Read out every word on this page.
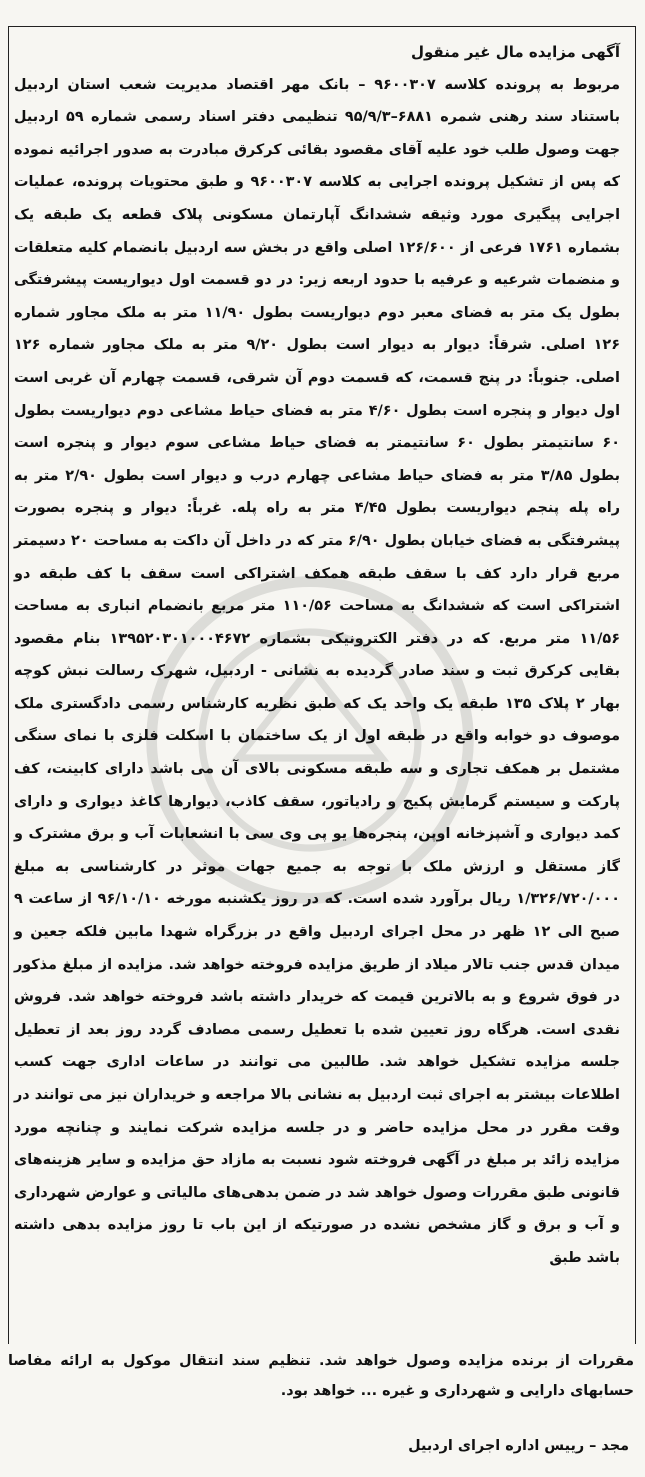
آگهی مزایده مال غیر منقول
مربوط به پرونده کلاسه ۹۶۰۰۳۰۷ – بانک مهر اقتصاد مدیریت شعب استان اردبیل باستناد سند رهنی شمره ۶۸۸۱–۹۵/۹/۳ تنظیمی دفتر اسناد رسمی شماره ۵۹ اردبیل جهت وصول طلب خود علیه آقای مقصود بقائی کرکرق مبادرت به صدور اجرائیه نموده که پس از تشکیل پرونده اجرایی به کلاسه ۹۶۰۰۳۰۷ و طبق محتویات پرونده، عملیات اجرایی پیگیری مورد وثیقه ششدانگ آپارتمان مسکونی پلاک قطعه یک طبقه یک بشماره ۱۷۶۱ فرعی از ۱۲۶/۶۰۰ اصلی واقع در بخش سه اردبیل بانضمام کلیه متعلقات و منضمات شرعیه و عرفیه با حدود اربعه زیر: در دو قسمت اول دیواریست پیشرفتگی بطول یک متر به فضای معبر دوم دیواریست بطول ۱۱/۹۰ متر به ملک مجاور شماره ۱۲۶ اصلی. شرقاً: دیوار به دیوار است بطول ۹/۲۰ متر به ملک مجاور شماره ۱۲۶ اصلی. جنوباً: در پنج قسمت، که قسمت دوم آن شرقی، قسمت چهارم آن غربی است اول دیوار و پنجره است بطول ۴/۶۰ متر به فضای حیاط مشاعی دوم دیواریست بطول ۶۰ سانتیمتر بطول ۶۰ سانتیمتر به فضای حیاط مشاعی سوم دیوار و پنجره است بطول ۳/۸۵ متر به فضای حیاط مشاعی چهارم درب و دیوار است بطول ۲/۹۰ متر به راه پله پنجم دیواریست بطول ۴/۴۵ متر به راه پله. غرباً: دیوار و پنجره بصورت پیشرفتگی به فضای خیابان بطول ۶/۹۰ متر که در داخل آن داکت به مساحت ۲۰ دسیمتر مربع قرار دارد کف با سقف طبقه همکف اشتراکی است سقف با کف طبقه دو اشتراکی است که ششدانگ به مساحت ۱۱۰/۵۶ متر مربع بانضمام انباری به مساحت ۱۱/۵۶ متر مربع. که در دفتر الکترونیکی بشماره ۱۳۹۵۲۰۳۰۱۰۰۰۴۶۷۲ بنام مقصود بقایی کرکرق ثبت و سند صادر گردیده به نشانی - اردبیل، شهرک رسالت نبش کوچه بهار ۲ پلاک ۱۳۵ طبقه یک واحد یک که طبق نظریه کارشناس رسمی دادگستری ملک موصوف دو خوابه واقع در طبقه اول از یک ساختمان با اسکلت فلزی با نمای سنگی مشتمل بر همکف تجاری و سه طبقه مسکونی بالای آن می باشد دارای کابینت، کف پارکت و سیستم گرمایش پکیج و رادیاتور، سقف کاذب، دیوارها کاغذ دیواری و دارای کمد دیواری و آشپزخانه اوپن، پنجره‌ها یو پی وی سی با انشعابات آب و برق مشترک و گاز مستقل و ارزش ملک با توجه به جمیع جهات موثر در کارشناسی به مبلغ ۱/۳۲۶/۷۲۰/۰۰۰ ریال برآورد شده است. که در روز یکشنبه مورخه ۹۶/۱۰/۱۰ از ساعت ۹ صبح الی ۱۲ ظهر در محل اجرای اردبیل واقع در بزرگراه شهدا مابین فلکه جعین و میدان قدس جنب تالار میلاد از طریق مزایده فروخته خواهد شد. مزایده از مبلغ مذکور در فوق شروع و به بالاترین قیمت که خریدار داشته باشد فروخته خواهد شد. فروش نقدی است. هرگاه روز تعیین شده با تعطیل رسمی مصادف گردد روز بعد از تعطیل جلسه مزایده تشکیل خواهد شد. طالبین می توانند در ساعات اداری جهت کسب اطلاعات بیشتر به اجرای ثبت اردبیل به نشانی بالا مراجعه و خریداران نیز می توانند در وقت مقرر در محل مزایده حاضر و در جلسه مزایده شرکت نمایند و چنانچه مورد مزایده زائد بر مبلغ در آگهی فروخته شود نسبت به مازاد حق مزایده و سایر هزینه‌های قانونی طبق مقررات وصول خواهد شد در ضمن بدهی‌های مالیاتی و عوارض شهرداری و آب و برق و گاز مشخص نشده در صورتیکه از این باب تا روز مزایده بدهی داشته باشد طبق

مقررات از برنده مزایده وصول خواهد شد. تنظیم سند انتقال موکول به ارائه مفاصا حسابهای دارایی و شهرداری و غیره ... خواهد بود.

مجد – رییس اداره اجرای اردبیل
